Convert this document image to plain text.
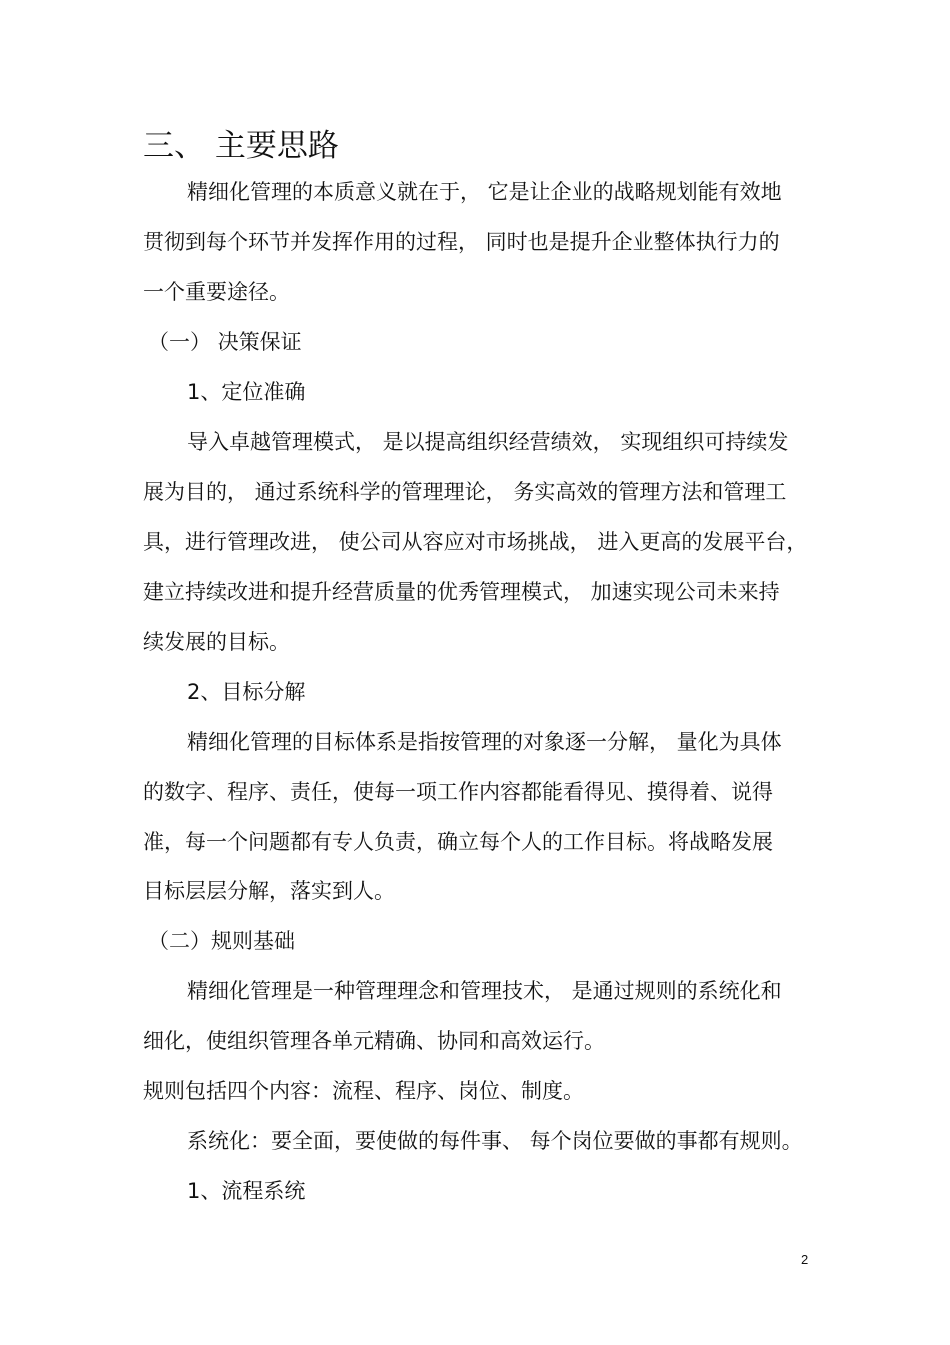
三、 主要思路

精细化管理的本质意义就在于， 它是让企业的战略规划能有效地

贯彻到每个环节并发挥作用的过程， 同时也是提升企业整体执行力的

一个重要途径。

（一） 决策保证

1、定位准确

导入卓越管理模式， 是以提高组织经营绩效， 实现组织可持续发

展为目的， 通过系统科学的管理理论， 务实高效的管理方法和管理工

具，进行管理改进， 使公司从容应对市场挑战， 进入更高的发展平台，

建立持续改进和提升经营质量的优秀管理模式， 加速实现公司未来持

续发展的目标。

2、目标分解

精细化管理的目标体系是指按管理的对象逐一分解， 量化为具体

的数字、程序、责任，使每一项工作内容都能看得见、摸得着、说得

准，每一个问题都有专人负责，确立每个人的工作目标。将战略发展

目标层层分解，落实到人。

（二）规则基础

精细化管理是一种管理理念和管理技术， 是通过规则的系统化和

细化，使组织管理各单元精确、协同和高效运行。

规则包括四个内容：流程、程序、岗位、制度。

系统化：要全面，要使做的每件事、 每个岗位要做的事都有规则。

1、流程系统

2
